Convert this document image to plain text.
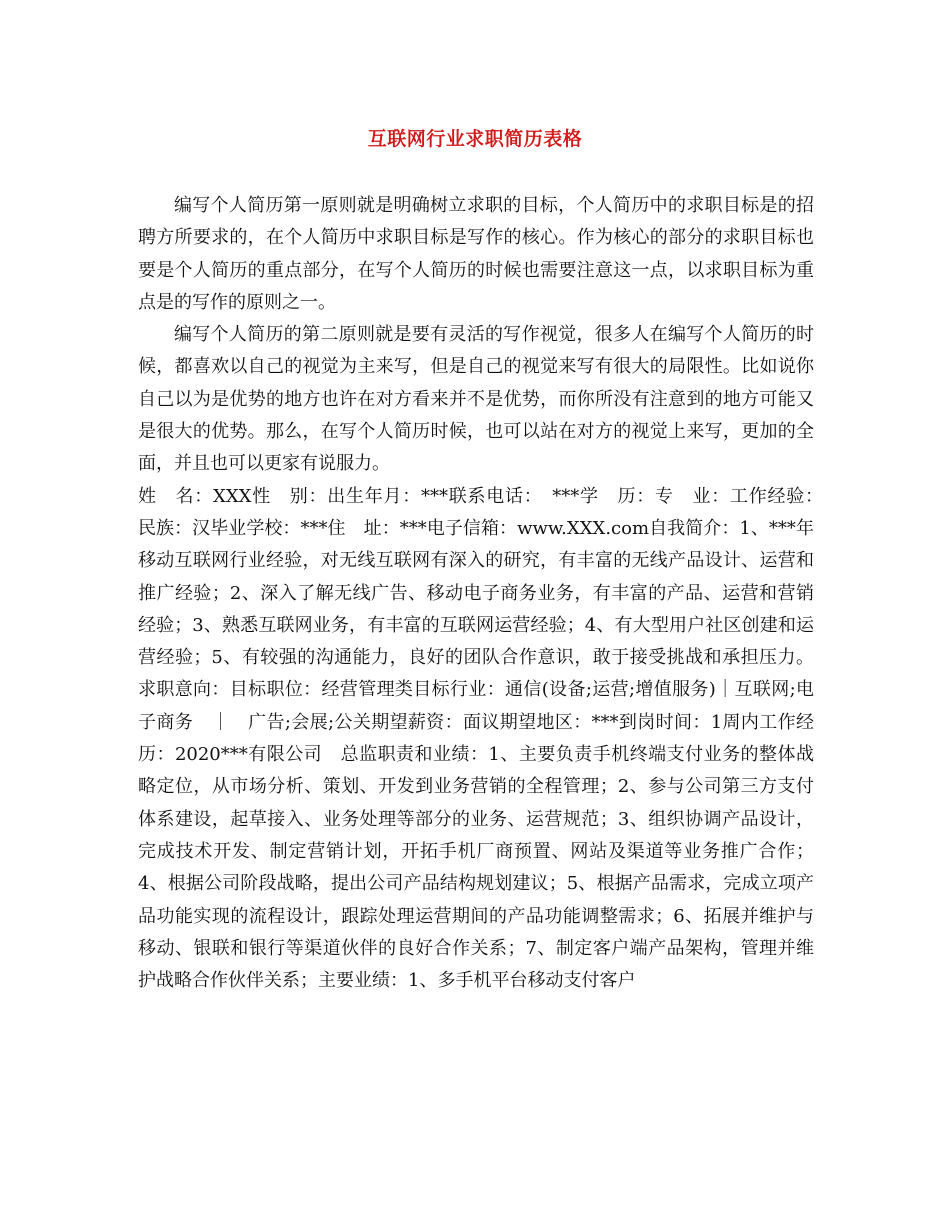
互联网行业求职简历表格

编写个人简历第一原则就是明确树立求职的目标，个人简历中的求职目标是的招聘方所要求的，在个人简历中求职目标是写作的核心。作为核心的部分的求职目标也要是个人简历的重点部分，在写个人简历的时候也需要注意这一点，以求职目标为重点是的写作的原则之一。

编写个人简历的第二原则就是要有灵活的写作视觉，很多人在编写个人简历的时候，都喜欢以自己的视觉为主来写，但是自己的视觉来写有很大的局限性。比如说你自己以为是优势的地方也许在对方看来并不是优势，而你所没有注意到的地方可能又是很大的优势。那么，在写个人简历时候，也可以站在对方的视觉上来写，更加的全面，并且也可以更家有说服力。

姓　名：XXX性　别：出生年月：***联系电话：　***学　历：专　业：工作经验：　民族：汉毕业学校：***住　址：***电子信箱：www.XXX.com自我简介：1、***年移动互联网行业经验，对无线互联网有深入的研究，有丰富的无线产品设计、运营和推广经验；2、深入了解无线广告、移动电子商务业务，有丰富的产品、运营和营销经验；3、熟悉互联网业务，有丰富的互联网运营经验；4、有大型用户社区创建和运营经验；5、有较强的沟通能力，良好的团队合作意识，敢于接受挑战和承担压力。求职意向：目标职位：经营管理类目标行业：通信(设备;运营;增值服务)｜互联网;电子商务　｜　广告;会展;公关期望薪资：面议期望地区：***到岗时间：1周内工作经历：2020***有限公司　总监职责和业绩：1、主要负责手机终端支付业务的整体战略定位，从市场分析、策划、开发到业务营销的全程管理；2、参与公司第三方支付体系建设，起草接入、业务处理等部分的业务、运营规范；3、组织协调产品设计，完成技术开发、制定营销计划，开拓手机厂商预置、网站及渠道等业务推广合作；4、根据公司阶段战略，提出公司产品结构规划建议；5、根据产品需求，完成立项产品功能实现的流程设计，跟踪处理运营期间的产品功能调整需求；6、拓展并维护与移动、银联和银行等渠道伙伴的良好合作关系；7、制定客户端产品架构，管理并维护战略合作伙伴关系；主要业绩：1、多手机平台移动支付客户
